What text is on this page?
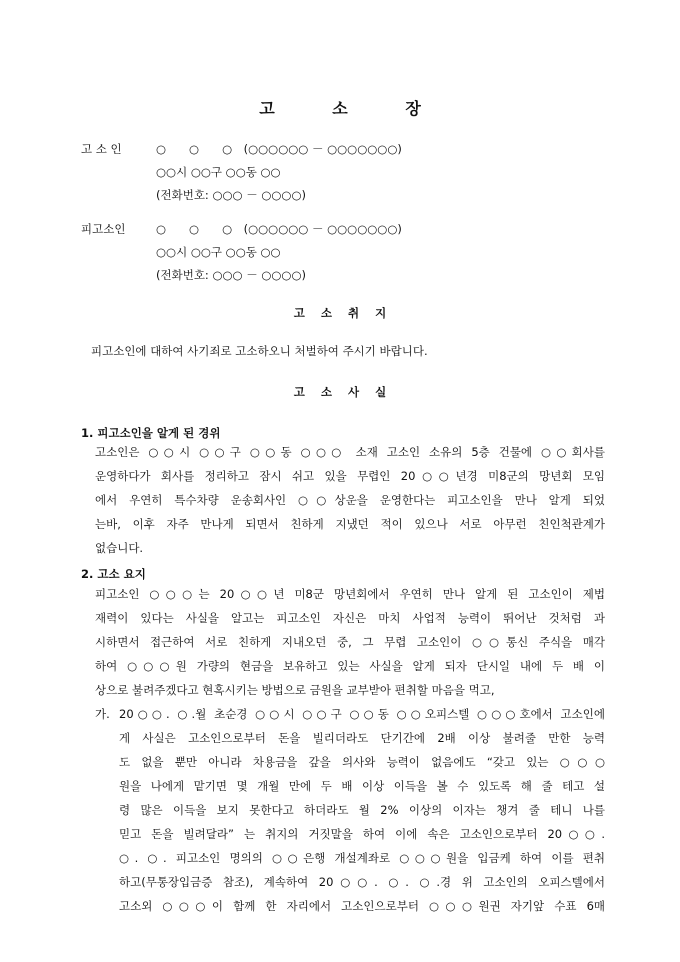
고	소	장
고 소 인	○　　○　　○　(○○○○○○ － ○○○○○○○)
○○시 ○○구 ○○동 ○○
(전화번호: ○○○ － ○○○○)
피고소인	○　　○　　○　(○○○○○○ － ○○○○○○○)
○○시 ○○구 ○○동 ○○
(전화번호: ○○○ － ○○○○)
고 소 취 지
피고소인에 대하여 사기죄로 고소하오니 처벌하여 주시기 바랍니다.
고 소 사 실
1. 피고소인을 알게 된 경위
고소인은 ○○시 ○○구 ○○동 ○○○ 소재 고소인 소유의 5층 건물에 ○○회사를
운영하다가 회사를 정리하고 잠시 쉬고 있을 무렵인 20○○년경 미8군의 망년회 모임
에서 우연히 특수차량 운송회사인 ○○상운을 운영한다는 피고소인을 만나 알게 되었
는바, 이후 자주 만나게 되면서 친하게 지냈던 적이 있으나 서로 아무런 친인척관계가
없습니다.
2. 고소 요지
피고소인 ○○○는 20○○년 미8군 망년회에서 우연히 만나 알게 된 고소인이 제법
재력이 있다는 사실을 알고는 피고소인 자신은 마치 사업적 능력이 뛰어난 것처럼 과
시하면서 접근하여 서로 친하게 지내오던 중, 그 무렵 고소인이 ○○통신 주식을 매각
하여 ○○○원 가량의 현금을 보유하고 있는 사실을 알게 되자 단시일 내에 두 배 이
상으로 불려주겠다고 현혹시키는 방법으로 금원을 교부받아 편취할 마음을 먹고,
가. 20○○. ○.월 초순경 ○○시 ○○구 ○○동 ○○오피스텔 ○○○호에서 고소인에
게 사실은 고소인으로부터 돈을 빌리더라도 단기간에 2배 이상 불려줄 만한 능력
도 없을 뿐만 아니라 차용금을 갚을 의사와 능력이 없음에도 “갖고 있는 ○○○
원을 나에게 맡기면 몇 개월 만에 두 배 이상 이득을 볼 수 있도록 해 줄 테고 설
령 많은 이득을 보지 못한다고 하더라도 월 2% 이상의 이자는 챙겨 줄 테니 나를
믿고 돈을 빌려달라” 는 취지의 거짓말을 하여 이에 속은 고소인으로부터 20○○.
○. ○. 피고소인 명의의 ○○은행 개설계좌로 ○○○원을 입금케 하여 이를 편취
하고(무통장입금증 참조), 계속하여 20○○. ○. ○.경 위 고소인의 오피스텔에서
고소외 ○○○이 함께 한 자리에서 고소인으로부터 ○○○원권 자기앞 수표 6매
